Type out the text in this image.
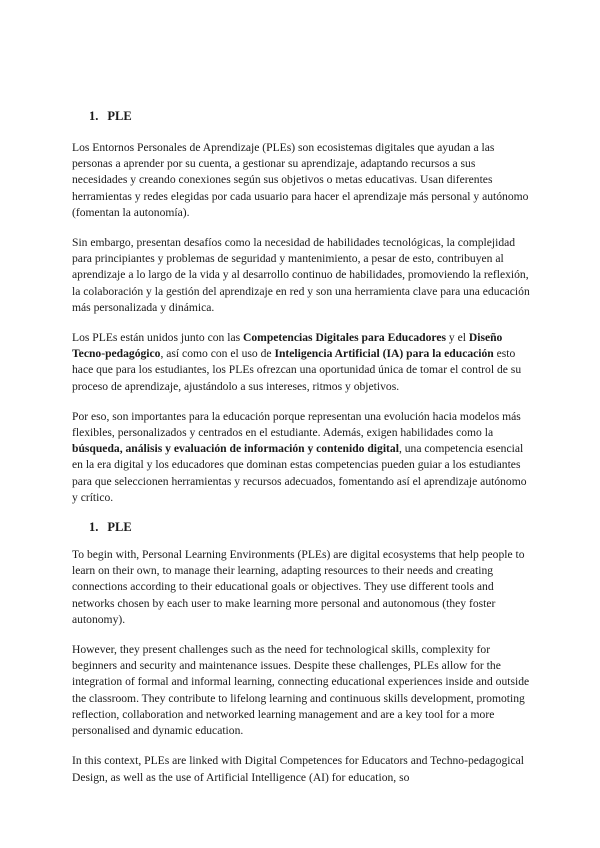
1. PLE

Los Entornos Personales de Aprendizaje (PLEs) son ecosistemas digitales que ayudan a las personas a aprender por su cuenta, a gestionar su aprendizaje, adaptando recursos a sus necesidades y creando conexiones según sus objetivos o metas educativas. Usan diferentes herramientas y redes elegidas por cada usuario para hacer el aprendizaje más personal y autónomo (fomentan la autonomía).

Sin embargo, presentan desafíos como la necesidad de habilidades tecnológicas, la complejidad para principiantes y problemas de seguridad y mantenimiento, a pesar de esto, contribuyen al aprendizaje a lo largo de la vida y al desarrollo continuo de habilidades, promoviendo la reflexión, la colaboración y la gestión del aprendizaje en red y son una herramienta clave para una educación más personalizada y dinámica.

Los PLEs están unidos junto con las Competencias Digitales para Educadores y el Diseño Tecno-pedagógico, así como con el uso de Inteligencia Artificial (IA) para la educación esto hace que para los estudiantes, los PLEs ofrezcan una oportunidad única de tomar el control de su proceso de aprendizaje, ajustándolo a sus intereses, ritmos y objetivos.

Por eso, son importantes para la educación porque representan una evolución hacia modelos más flexibles, personalizados y centrados en el estudiante. Además, exigen habilidades como la búsqueda, análisis y evaluación de información y contenido digital, una competencia esencial en la era digital y los educadores que dominan estas competencias pueden guiar a los estudiantes para que seleccionen herramientas y recursos adecuados, fomentando así el aprendizaje autónomo y crítico.

1. PLE

To begin with, Personal Learning Environments (PLEs) are digital ecosystems that help people to learn on their own, to manage their learning, adapting resources to their needs and creating connections according to their educational goals or objectives. They use different tools and networks chosen by each user to make learning more personal and autonomous (they foster autonomy).

However, they present challenges such as the need for technological skills, complexity for beginners and security and maintenance issues. Despite these challenges, PLEs allow for the integration of formal and informal learning, connecting educational experiences inside and outside the classroom. They contribute to lifelong learning and continuous skills development, promoting reflection, collaboration and networked learning management and are a key tool for a more personalised and dynamic education.

In this context, PLEs are linked with Digital Competences for Educators and Techno-pedagogical Design, as well as the use of Artificial Intelligence (AI) for education, so
